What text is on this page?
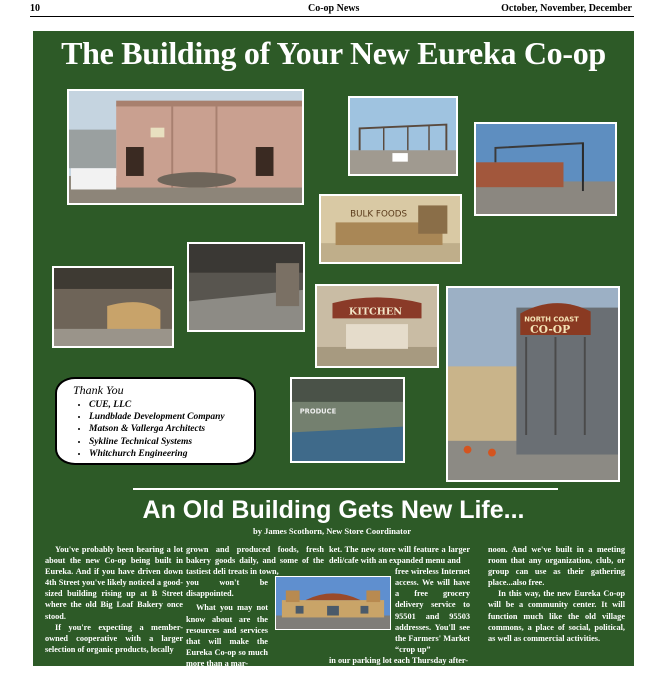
10	Co-op News	October, November, December
The Building of Your New Eureka Co-op
BULK FOODS
KITCHEN
NORTH COAST
CO-OP
PRODUCE
Thank You
• CUE, LLC
• Lundblade Development Company
• Matson & Vallerga Architects
• Sykline Technical Systems
• Whitchurch Engineering
An Old Building Gets New Life...
by James Scothorn, New Store Coordinator

You've probably been hearing a lot about the new Co-op being built in Eureka. And if you have driven down 4th Street you've likely noticed a good-sized building rising up at B Street where the old Big Loaf Bakery once stood.

If you're expecting a member-owned cooperative with a larger selection of organic products, locally

grown and produced foods, fresh bakery goods daily, and some of the tastiest deli treats in town,

you won't be disappointed.

What you may not know about are the resources and services that will make the Eureka Co-op so much more than a mar-

ket. The new store will feature a larger deli/cafe with an expanded menu and

free wireless Internet access. We will have a free grocery delivery service to 95501 and 95503 addresses. You'll see the Farmers' Market “crop up”

in our parking lot each Thursday after-

noon. And we've built in a meeting room that any organization, club, or group can use as their gathering place...also free.

In this way, the new Eureka Co-op will be a community center. It will function much like the old village commons, a place of social, political, as well as commercial activities.
